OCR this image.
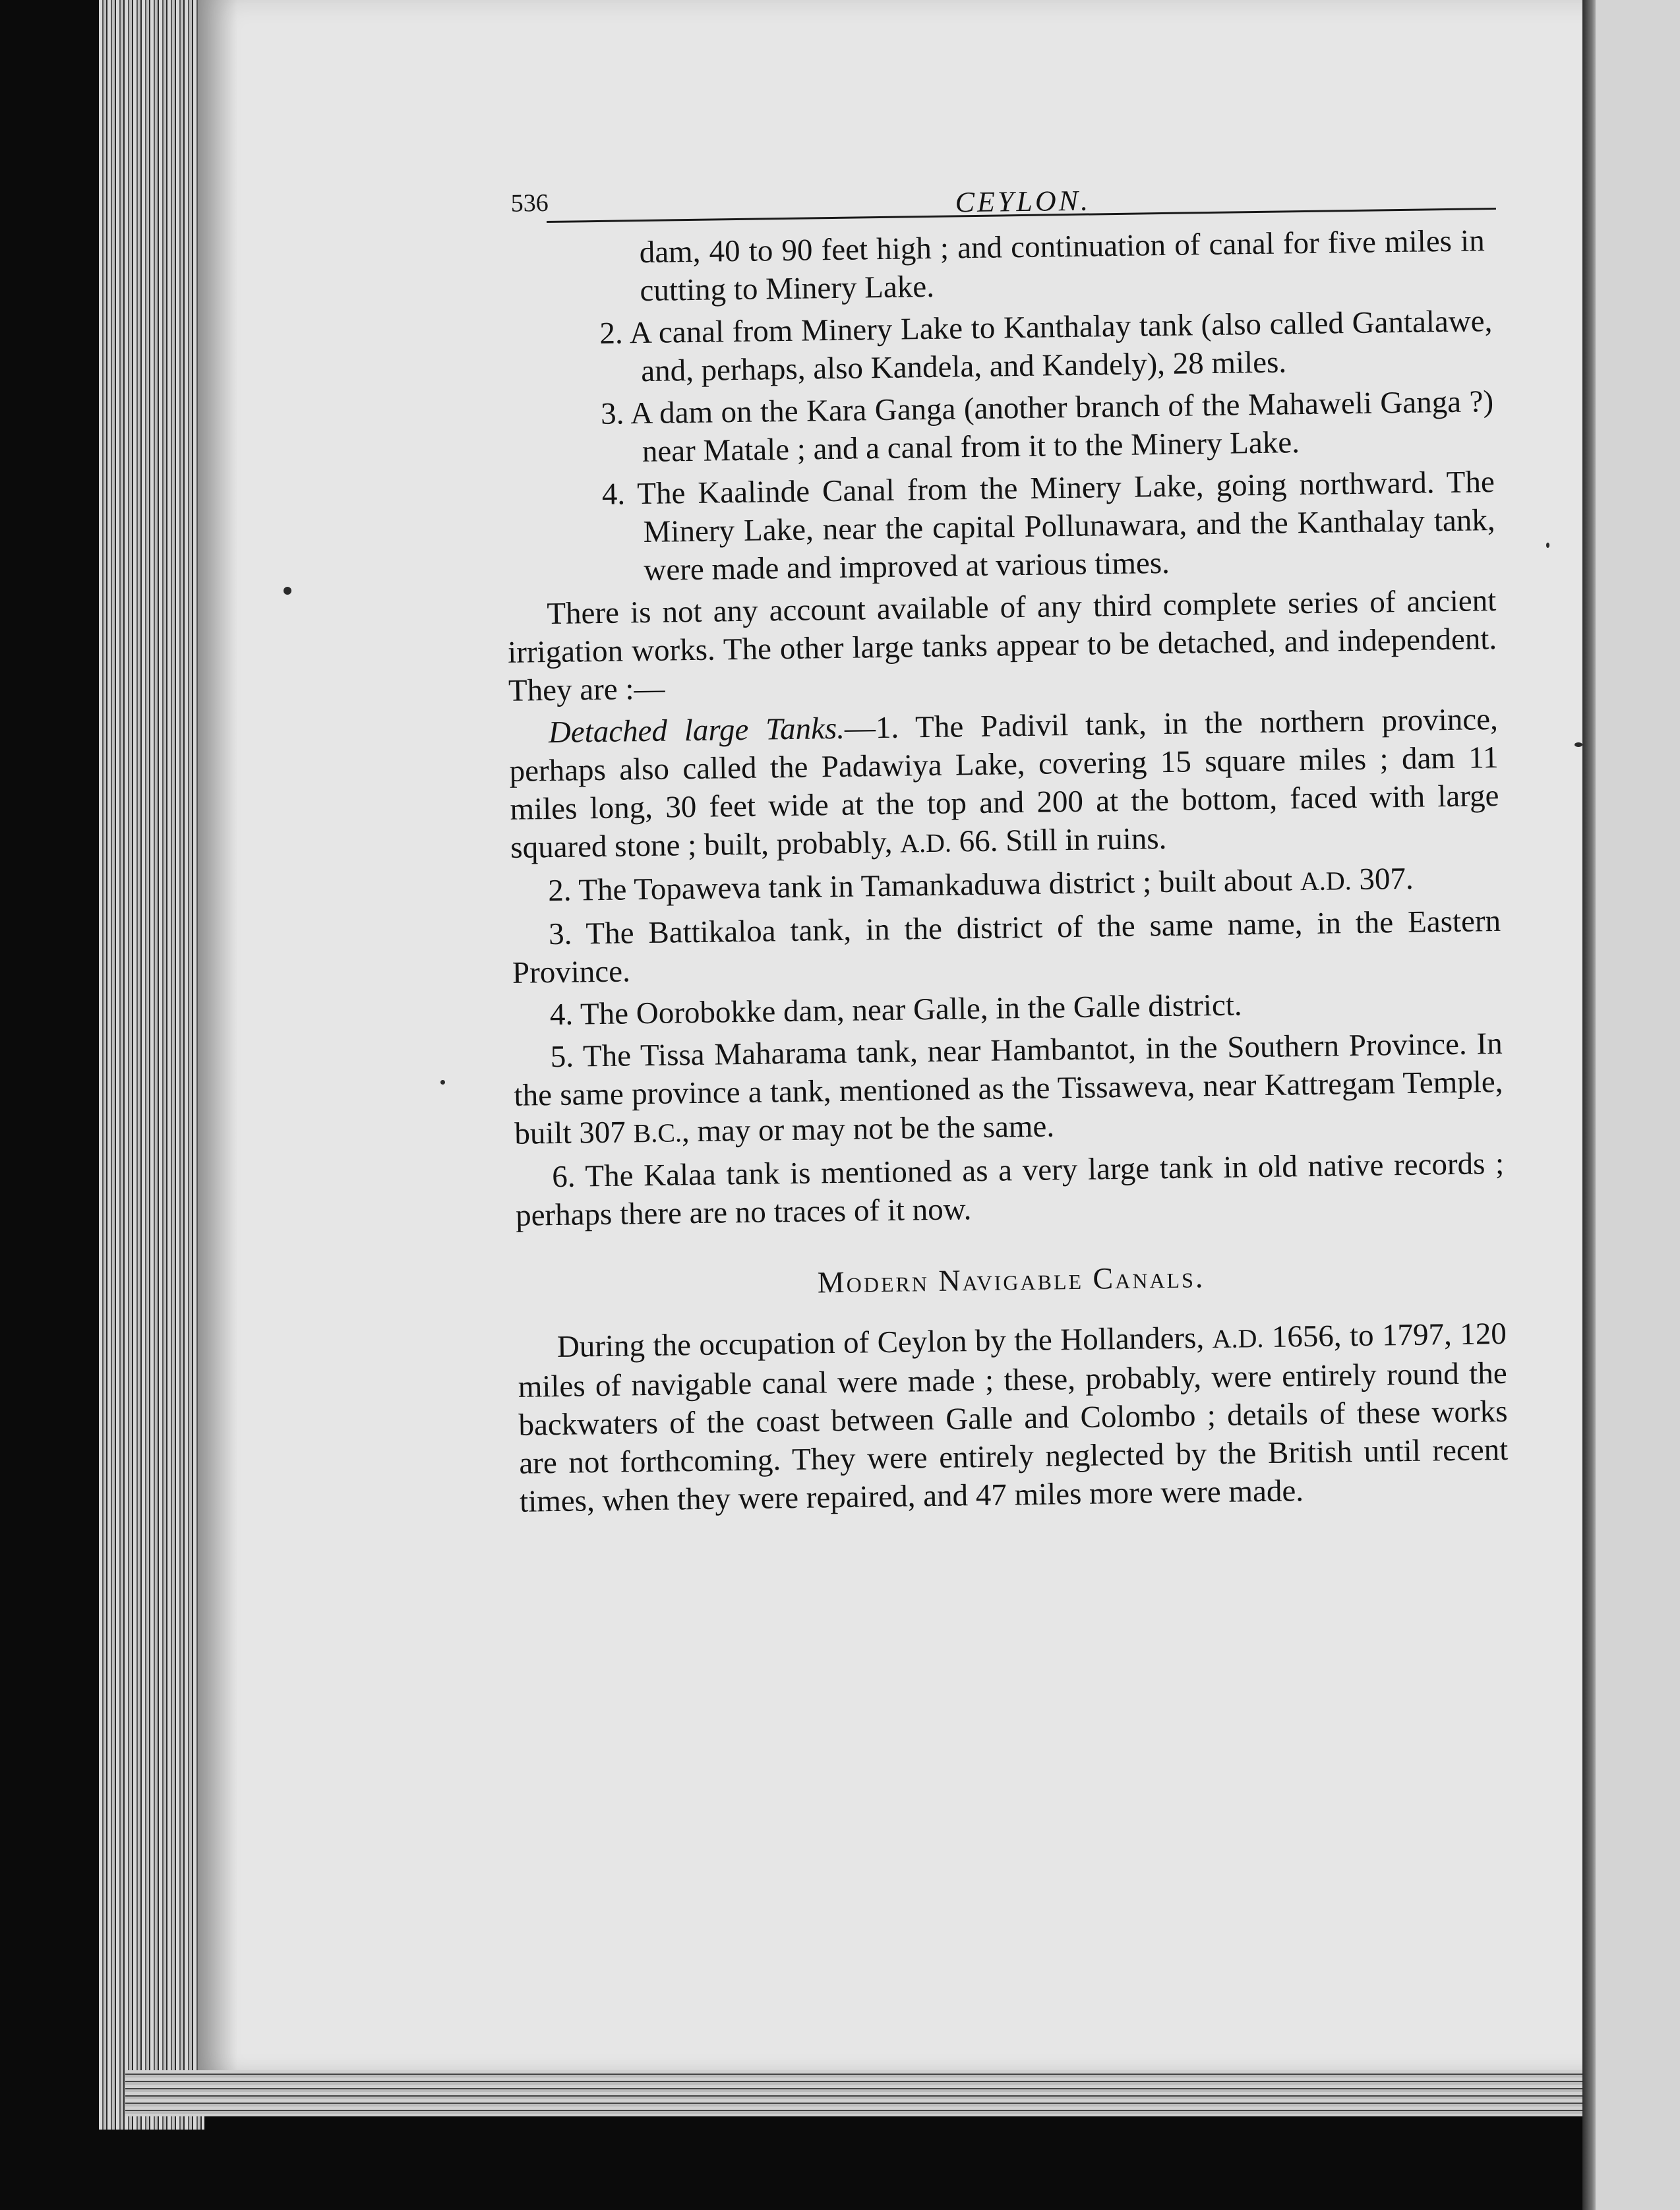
536	CEYLON.

dam, 40 to 90 feet high ; and continuation of canal for five miles in cutting to Minery Lake.

2. A canal from Minery Lake to Kanthalay tank (also called Gantalawe, and, perhaps, also Kandela, and Kandely), 28 miles.

3. A dam on the Kara Ganga (another branch of the Mahaweli Ganga ?) near Matale ; and a canal from it to the Minery Lake.

4. The Kaalinde Canal from the Minery Lake, going northward. The Minery Lake, near the capital Pollunawara, and the Kanthalay tank, were made and improved at various times.

There is not any account available of any third complete series of ancient irrigation works. The other large tanks appear to be detached, and independent. They are :—

Detached large Tanks.—1. The Padivil tank, in the northern province, perhaps also called the Padawiya Lake, covering 15 square miles ; dam 11 miles long, 30 feet wide at the top and 200 at the bottom, faced with large squared stone ; built, probably, A.D. 66. Still in ruins.

2. The Topaweva tank in Tamankaduwa district ; built about A.D. 307.

3. The Battikaloa tank, in the district of the same name, in the Eastern Province.

4. The Oorobokke dam, near Galle, in the Galle district.

5. The Tissa Maharama tank, near Hambantot, in the Southern Province. In the same province a tank, mentioned as the Tissaweva, near Kattregam Temple, built 307 B.C., may or may not be the same.

6. The Kalaa tank is mentioned as a very large tank in old native records ; perhaps there are no traces of it now.

Modern Navigable Canals.

During the occupation of Ceylon by the Hollanders, A.D. 1656, to 1797, 120 miles of navigable canal were made ; these, probably, were entirely round the backwaters of the coast between Galle and Colombo ; details of these works are not forthcoming. They were entirely neglected by the British until recent times, when they were repaired, and 47 miles more were made.
